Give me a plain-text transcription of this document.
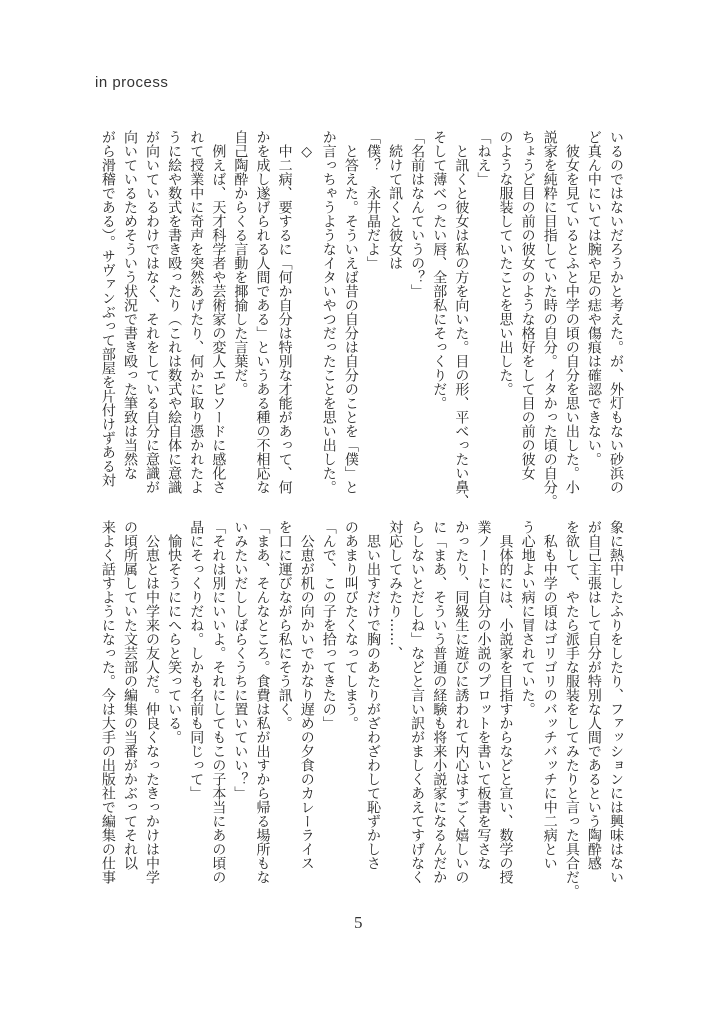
in process

いるのではないだろうかと考えた。が、外灯もない砂浜の

ど真ん中にいては腕や足の痣や傷痕は確認できない。

　彼女を見ているとふと中学の頃の自分を思い出した。小

説家を純粋に目指していた時の自分。イタかった頃の自分。

ちょうど目の前の彼女のような格好をして目の前の彼女

のような服装していたことを思い出した。

「ねえ」

　と訊くと彼女は私の方を向いた。目の形、平べったい鼻、

そして薄べったい唇、全部私にそっくりだ。

「名前はなんていうの？」

　続けて訊くと彼女は

「僕？　永井晶だよ」

　と答えた。そういえば昔の自分は自分のことを「僕」と

か言っちゃうようなイタいやつだったことを思い出した。

　◇

　中二病、要するに「何か自分は特別な才能があって、何

かを成し遂げられる人間である」というある種の不相応な

自己陶酔からくる言動を揶揄した言葉だ。

　例えば、天才科学者や芸術家の変人エピソードに感化さ

れて授業中に奇声を突然あげたり、何かに取り憑かれたよ

うに絵や数式を書き殴ったり（これは数式や絵自体に意識

が向いているわけではなく、それをしている自分に意識が

向いているためそういう状況で書き殴った筆致は当然な

がら滑稽である）。サヴァンぶって部屋を片付けずある対

象に熱中したふりをしたり、ファッションには興味はない

が自己主張はして自分が特別な人間であるという陶酔感

を欲して、やたら派手な服装をしてみたりと言った具合だ。

　私も中学の頃はゴリゴリのバッチバッチに中二病とい

う心地よい病に冒されていた。

　具体的には、小説家を目指すからなどと宣い、数学の授

業ノートに自分の小説のプロットを書いて板書を写さな

かったり、同級生に遊びに誘われて内心はすごく嬉しいの

に「まあ、そういう普通の経験も将来小説家になるんだか

らしないとだしね」などと言い訳がましくあえてすげなく

対応してみたり……、

　思い出すだけで胸のあたりがざわざわして恥ずかしさ

のあまり叫びたくなってしまう。

「んで、この子を拾ってきたの」

　公恵が机の向かいでかなり遅めの夕食のカレーライス

を口に運びながら私にそう訊く。

「まあ、そんなところ。食費は私が出すから帰る場所もな

いみたいだししばらくうちに置いていい？」

「それは別にいいよ。それにしてもこの子本当にあの頃の

晶にそっくりだね。しかも名前も同じって」

　愉快そうににへらと笑っている。

　公恵とは中学来の友人だ。仲良くなったきっかけは中学

の頃所属していた文芸部の編集の当番がかぶってそれ以

来よく話すようになった。今は大手の出版社で編集の仕事

5
